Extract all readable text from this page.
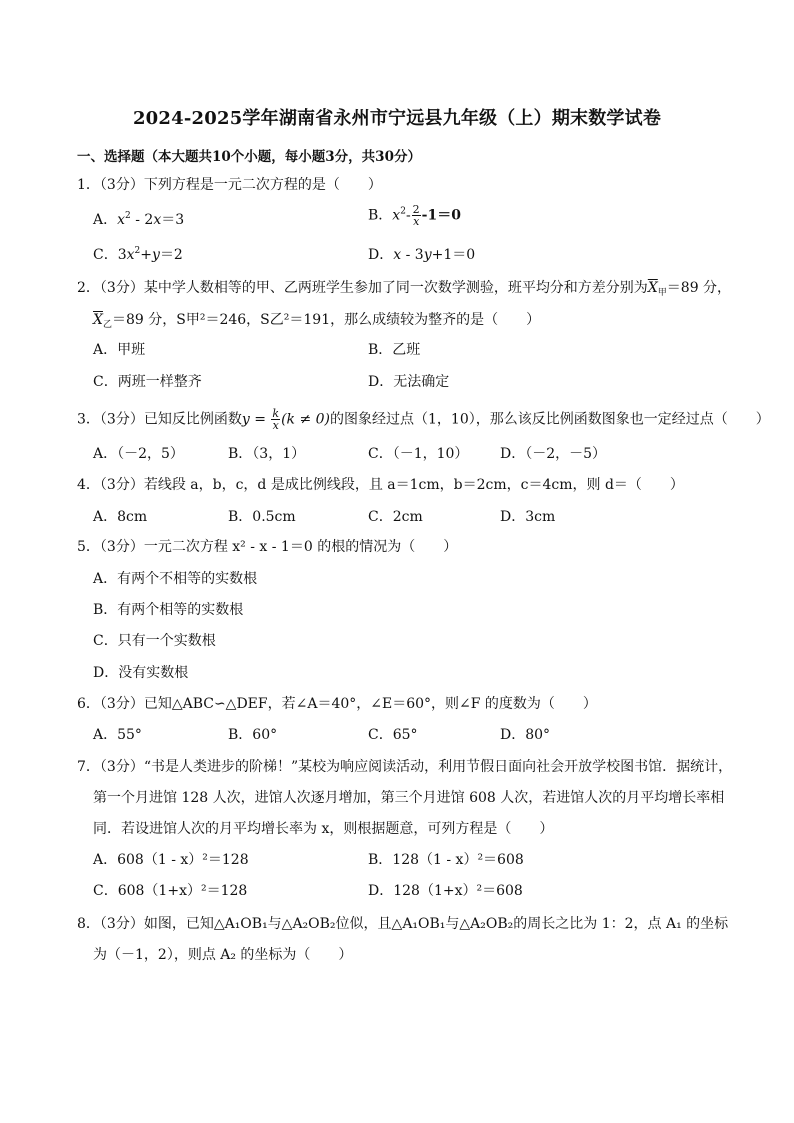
2024-2025学年湖南省永州市宁远县九年级（上）期末数学试卷
一、选择题（本大题共10个小题，每小题3分，共30分）
1．（3分）下列方程是一元二次方程的是（　　）
A．$x^2 - 2x=3$	B．$x^2- \frac{2}{x} -1=0$
C．$3x^2+y=2$	D．x - 3y+1＝0
2．（3分）某中学人数相等的甲、乙两班学生参加了同一次数学测验，班平均分和方差分别为$\overline{X}_甲=89$ 分，
$\overline{X}_乙=89$ 分，S甲²＝246，S乙²＝191，那么成绩较为整齐的是（　　）
A．甲班	B．乙班
C．两班一样整齐	D．无法确定
3．（3分）已知反比例函数$y = \frac{k}{x} (k \ne 0)$的图象经过点（1，10），那么该反比例函数图象也一定经过点（　　）
A．（－2，5）	B．（3，1）	C．（－1，10） D．（－2，－5）
4．（3分）若线段 a，b，c，d 是成比例线段，且 a＝1cm，b＝2cm，c＝4cm，则 d＝（　　）
A．8cm	B．0.5cm	C．2cm	D．3cm
5．（3分）一元二次方程 x² - x - 1＝0 的根的情况为（　　）
A．有两个不相等的实数根
B．有两个相等的实数根
C．只有一个实数根
D．没有实数根
6．（3分）已知△ABC∽△DEF，若∠A＝40°，∠E＝60°，则∠F 的度数为（　　）
A．55°	B．60°	C．65°	D．80°
7．（3分）“书是人类进步的阶梯！”某校为响应阅读活动，利用节假日面向社会开放学校图书馆．据统计，
第一个月进馆 128 人次，进馆人次逐月增加，第三个月进馆 608 人次，若进馆人次的月平均增长率相
同．若设进馆人次的月平均增长率为 x，则根据题意，可列方程是（　　）
A．608（1 - x）²＝128	B．128（1 - x）²＝608
C．608（1+x）²＝128	D．128（1+x）²＝608
8．（3分）如图，已知△A₁OB₁与△A₂OB₂位似，且△A₁OB₁与△A₂OB₂的周长之比为 1：2，点 A₁ 的坐标
为（－1，2），则点 A₂ 的坐标为（　　）
